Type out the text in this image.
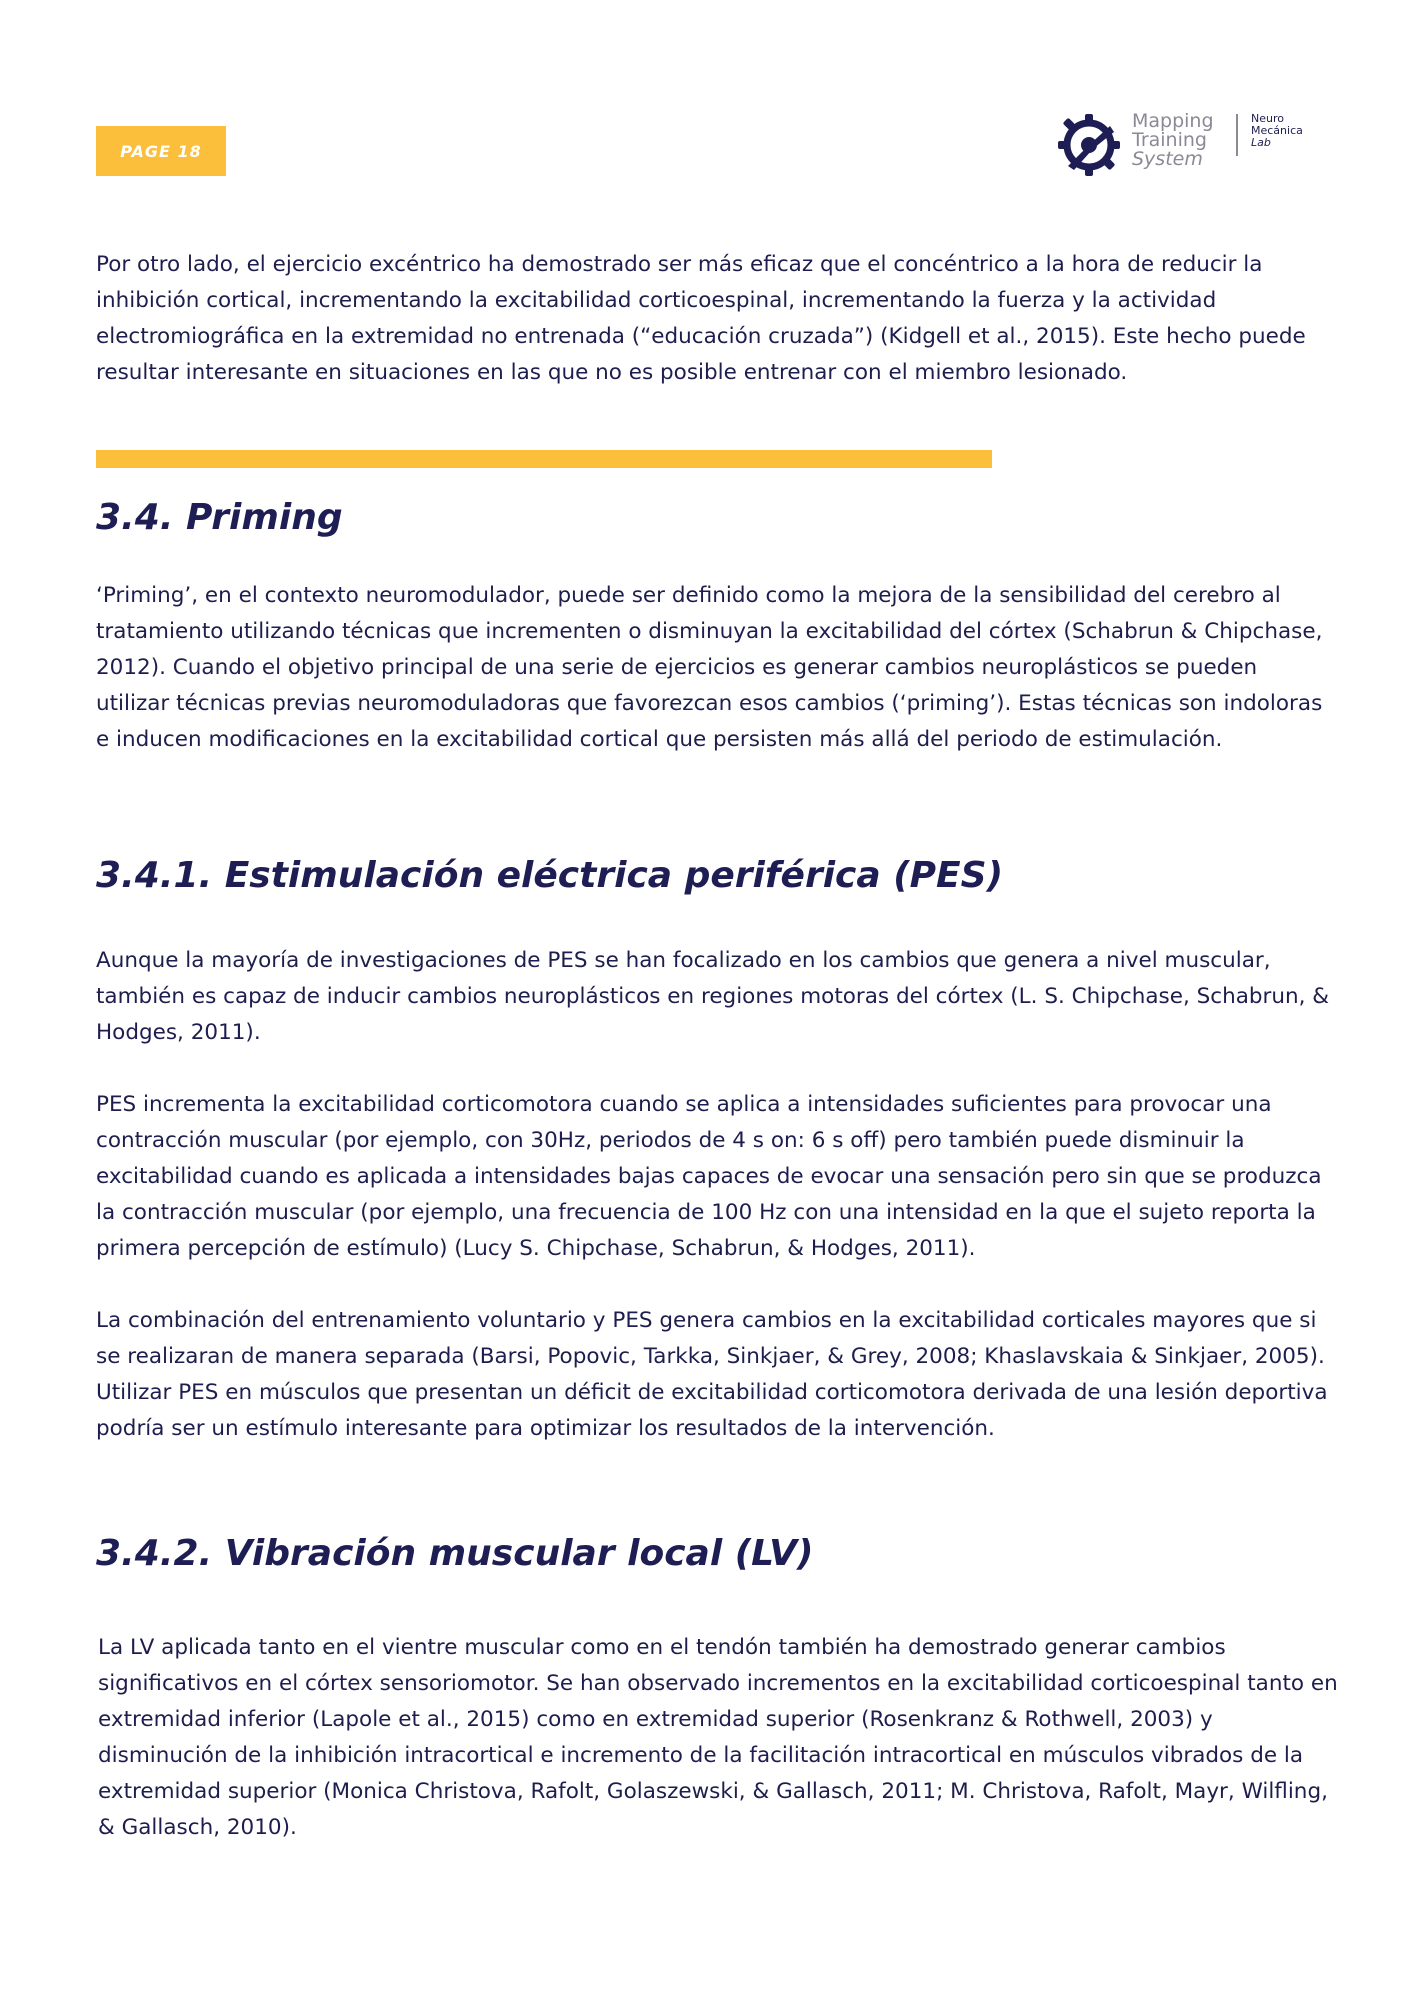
PAGE 18
Mapping
Training
System
Neuro
Mecánica
Lab

Por otro lado, el ejercicio excéntrico ha demostrado ser más eficaz que el concéntrico a la hora de reducir la inhibición cortical, incrementando la excitabilidad corticoespinal, incrementando la fuerza y la actividad electromiográfica en la extremidad no entrenada (“educación cruzada”) (Kidgell et al., 2015). Este hecho puede resultar interesante en situaciones en las que no es posible entrenar con el miembro lesionado.

3.4. Priming

‘Priming’, en el contexto neuromodulador, puede ser definido como la mejora de la sensibilidad del cerebro al tratamiento utilizando técnicas que incrementen o disminuyan la excitabilidad del córtex (Schabrun & Chipchase, 2012). Cuando el objetivo principal de una serie de ejercicios es generar cambios neuroplásticos se pueden utilizar técnicas previas neuromoduladoras que favorezcan esos cambios (‘priming’). Estas técnicas son indoloras e inducen modificaciones en la excitabilidad cortical que persisten más allá del periodo de estimulación.

3.4.1. Estimulación eléctrica periférica (PES)

Aunque la mayoría de investigaciones de PES se han focalizado en los cambios que genera a nivel muscular, también es capaz de inducir cambios neuroplásticos en regiones motoras del córtex (L. S. Chipchase, Schabrun, & Hodges, 2011).

PES incrementa la excitabilidad corticomotora cuando se aplica a intensidades suficientes para provocar una contracción muscular (por ejemplo, con 30Hz, periodos de 4 s on: 6 s off) pero también puede disminuir la excitabilidad cuando es aplicada a intensidades bajas capaces de evocar una sensación pero sin que se produzca la contracción muscular (por ejemplo, una frecuencia de 100 Hz con una intensidad en la que el sujeto reporta la primera percepción de estímulo) (Lucy S. Chipchase, Schabrun, & Hodges, 2011).

La combinación del entrenamiento voluntario y PES genera cambios en la excitabilidad corticales mayores que si se realizaran de manera separada (Barsi, Popovic, Tarkka, Sinkjaer, & Grey, 2008; Khaslavskaia & Sinkjaer, 2005). Utilizar PES en músculos que presentan un déficit de excitabilidad corticomotora derivada de una lesión deportiva podría ser un estímulo interesante para optimizar los resultados de la intervención.

3.4.2. Vibración muscular local (LV)

La LV aplicada tanto en el vientre muscular como en el tendón también ha demostrado generar cambios significativos en el córtex sensoriomotor. Se han observado incrementos en la excitabilidad corticoespinal tanto en extremidad inferior (Lapole et al., 2015) como en extremidad superior (Rosenkranz & Rothwell, 2003) y disminución de la inhibición intracortical e incremento de la facilitación intracortical en músculos vibrados de la extremidad superior (Monica Christova, Rafolt, Golaszewski, & Gallasch, 2011; M. Christova, Rafolt, Mayr, Wilfling, & Gallasch, 2010).
